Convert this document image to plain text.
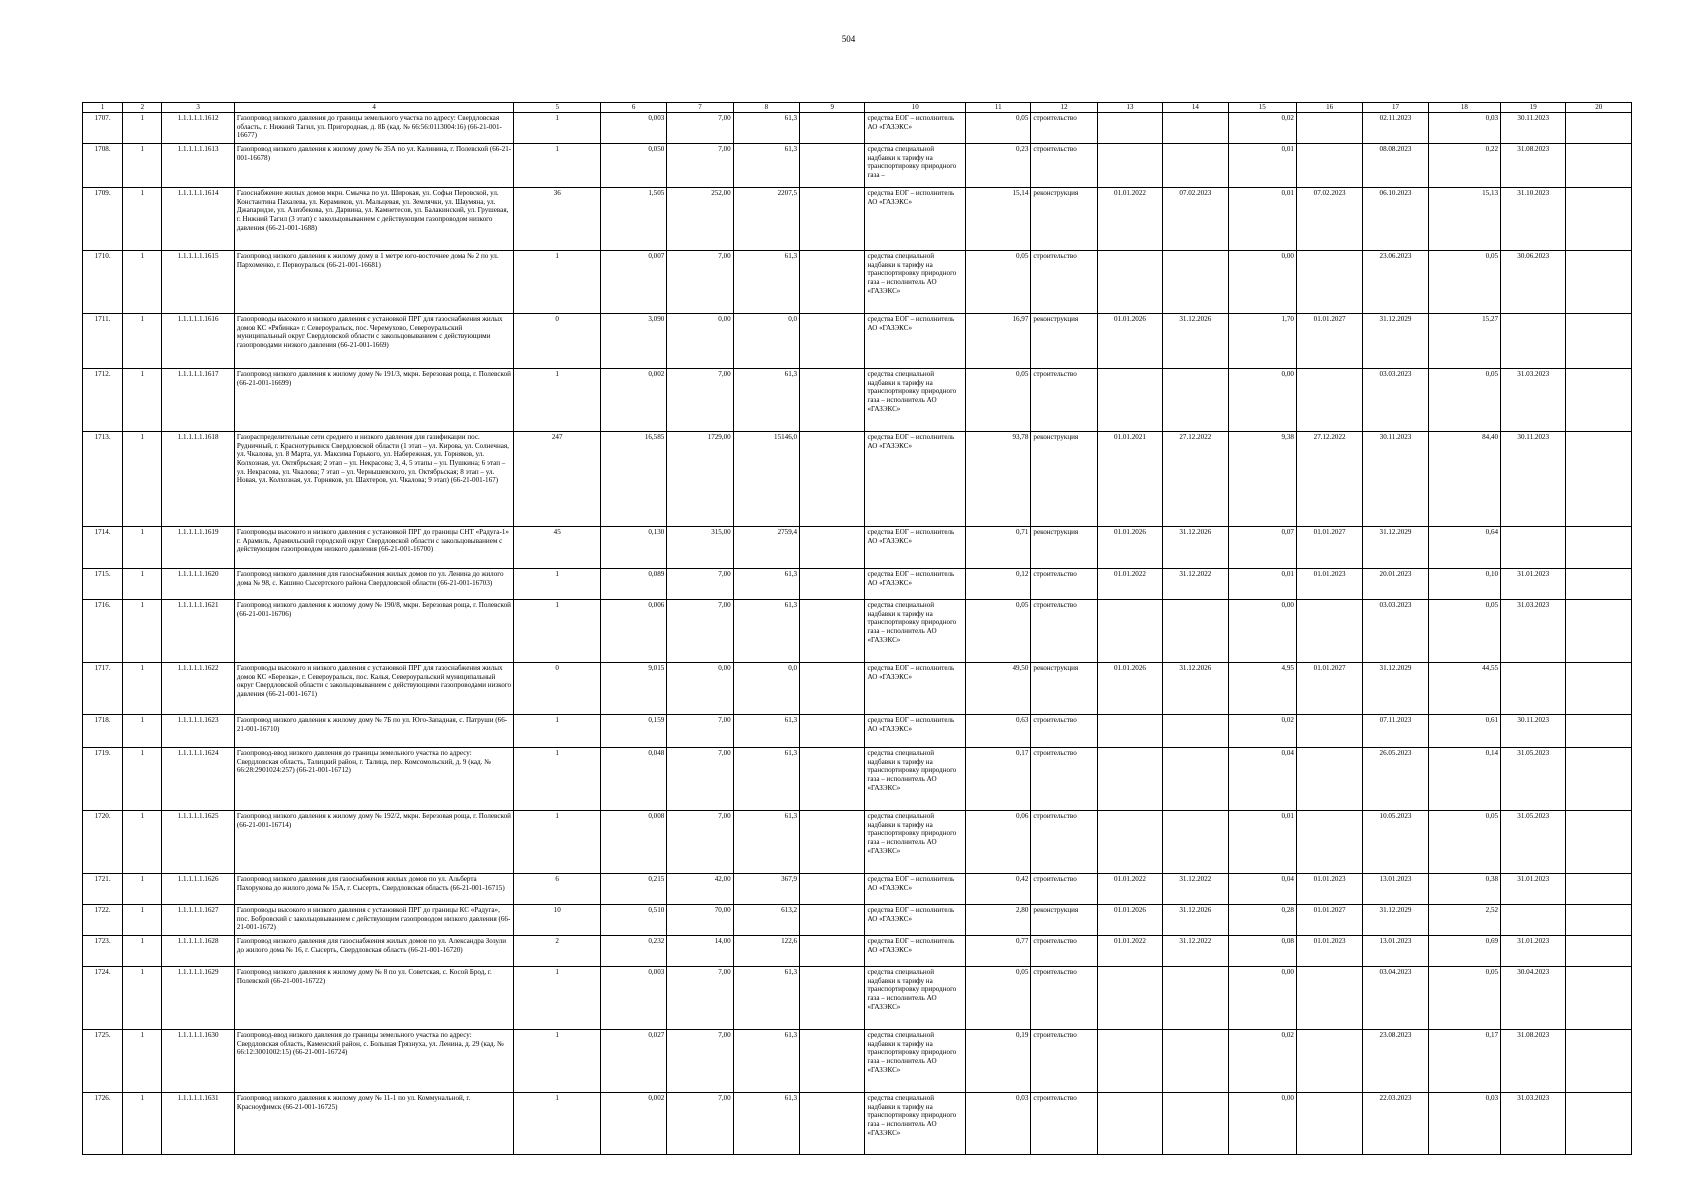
504
1	2	3	4	5	6	7	8	9	10	11	12	13	14	15	16	17	18	19	20
1707.	1	1.1.1.1.1.1612	Газопровод низкого давления до границы земельного участка по адресу: Свердловская область, г. Нижний Тагил, ул. Пригородная, д. 8Б (кад. № 66:56:0113004:16) (66-21-001-16677)	1	0,003	7,00	61,3		средства ЕОГ – исполнитель АО «ГАЗЭКС»	0,05	строительство			0,02		02.11.2023	0,03	30.11.2023	
1708.	1	1.1.1.1.1.1613	Газопровод низкого давления к жилому дому № 35А по ул. Калинина, г. Полевской (66-21-001-16678)	1	0,050	7,00	61,3		средства специальной надбавки к тарифу на транспортировку природного газа –	0,23	строительство			0,01		08.08.2023	0,22	31.08.2023	
1709.	1	1.1.1.1.1.1614	Газоснабжение жилых домов мкрн. Смычка по ул. Широкая, ул. Софьи Перовской, ул. Константина Пахалева, ул. Керамиков, ул. Мальцевая, ул. Землячки, ул. Шаумяна, ул. Джапаридзе, ул. Азизбекова, ул. Дарвина, ул. Камнетесов, ул. Балакинский, ул. Грушевая, г. Нижний Тагил (3 этап) с закольцовыванием с действующим газопроводом низкого давления (66-21-001-1688)	36	1,505	252,00	2207,5		средства ЕОГ – исполнитель АО «ГАЗЭКС»	15,14	реконструкция	01.01.2022	07.02.2023	0,01	07.02.2023	06.10.2023	15,13	31.10.2023	
1710.	1	1.1.1.1.1.1615	Газопровод низкого давления к жилому дому в 1 метре юго-восточнее дома № 2 по ул. Пархоменко, г. Первоуральск (66-21-001-16681)	1	0,007	7,00	61,3		средства специальной надбавки к тарифу на транспортировку природного газа – исполнитель АО «ГАЗЭКС»	0,05	строительство			0,00		23.06.2023	0,05	30.06.2023	
1711.	1	1.1.1.1.1.1616	Газопроводы высокого и низкого давления с установкой ПРГ для газоснабжения жилых домов КС «Рябинка» г. Североуральск, пос. Черемухово, Североуральский муниципальный округ Свердловской области с закольцовыванием с действующими газопроводами низкого давления (66-21-001-1669)	0	3,090	0,00	0,0		средства ЕОГ – исполнитель АО «ГАЗЭКС»	16,97	реконструкция	01.01.2026	31.12.2026	1,70	01.01.2027	31.12.2029	15,27		
1712.	1	1.1.1.1.1.1617	Газопровод низкого давления к жилому дому № 191/3, мкрн. Березовая роща, г. Полевской (66-21-001-16699)	1	0,002	7,00	61,3		средства специальной надбавки к тарифу на транспортировку природного газа – исполнитель АО «ГАЗЭКС»	0,05	строительство			0,00		03.03.2023	0,05	31.03.2023	
1713.	1	1.1.1.1.1.1618	Газораспределительные сети среднего и низкого давления для газификации пос. Рудничный, г. Краснотурьинск Свердловской области (1 этап – ул. Кирова, ул. Солнечная, ул. Чкалова, ул. 8 Марта, ул. Максима Горького, ул. Набережная, ул. Горняков, ул. Колхозная, ул. Октябрьская; 2 этап – ул. Некрасова; 3, 4, 5 этапы – ул. Пушкина; 6 этап – ул. Некрасова, ул. Чкалова; 7 этап – ул. Чернышевского, ул. Октябрьская; 8 этап – ул. Новая, ул. Колхозная, ул. Горняков, ул. Шахтеров, ул. Чкалова; 9 этап) (66-21-001-167)	247	16,585	1729,00	15146,0		средства ЕОГ – исполнитель АО «ГАЗЭКС»	93,78	реконструкция	01.01.2021	27.12.2022	9,38	27.12.2022	30.11.2023	84,40	30.11.2023	
1714.	1	1.1.1.1.1.1619	Газопроводы высокого и низкого давления с установкой ПРГ до границы СНТ «Радуга-1» г. Арамиль, Арамильский городской округ Свердловской области с закольцовыванием с действующим газопроводом низкого давления (66-21-001-16700)	45	0,130	315,00	2759,4		средства ЕОГ – исполнитель АО «ГАЗЭКС»	0,71	реконструкция	01.01.2026	31.12.2026	0,07	01.01.2027	31.12.2029	0,64		
1715.	1	1.1.1.1.1.1620	Газопровод низкого давления для газоснабжения жилых домов по ул. Ленина до жилого дома № 98, с. Кашино Сысертского района Свердловской области (66-21-001-16703)	1	0,089	7,00	61,3		средства ЕОГ – исполнитель АО «ГАЗЭКС»	0,12	строительство	01.01.2022	31.12.2022	0,01	01.01.2023	20.01.2023	0,10	31.01.2023	
1716.	1	1.1.1.1.1.1621	Газопровод низкого давления к жилому дому № 190/8, мкрн. Березовая роща, г. Полевской (66-21-001-16706)	1	0,006	7,00	61,3		средства специальной надбавки к тарифу на транспортировку природного газа – исполнитель АО «ГАЗЭКС»	0,05	строительство			0,00		03.03.2023	0,05	31.03.2023	
1717.	1	1.1.1.1.1.1622	Газопроводы высокого и низкого давления с установкой ПРГ для газоснабжения жилых домов КС «Березка», г. Североуральск, пос. Калья, Североуральский муниципальный округ Свердловской области с закольцовыванием с действующими газопроводами низкого давления (66-21-001-1671)	0	9,015	0,00	0,0		средства ЕОГ – исполнитель АО «ГАЗЭКС»	49,50	реконструкция	01.01.2026	31.12.2026	4,95	01.01.2027	31.12.2029	44,55		
1718.	1	1.1.1.1.1.1623	Газопровод низкого давления к жилому дому № 7Б по ул. Юго-Западная, с. Патруши (66-21-001-16710)	1	0,159	7,00	61,3		средства ЕОГ – исполнитель АО «ГАЗЭКС»	0,63	строительство			0,02		07.11.2023	0,61	30.11.2023	
1719.	1	1.1.1.1.1.1624	Газопровод-ввод низкого давления до границы земельного участка по адресу: Свердловская область, Талицкий район, г. Талица, пер. Комсомольский, д. 9 (кад. № 66:28:2901024:257) (66-21-001-16712)	1	0,048	7,00	61,3		средства специальной надбавки к тарифу на транспортировку природного газа – исполнитель АО «ГАЗЭКС»	0,17	строительство			0,04		26.05.2023	0,14	31.05.2023	
1720.	1	1.1.1.1.1.1625	Газопровод низкого давления к жилому дому № 192/2, мкрн. Березовая роща, г. Полевской (66-21-001-16714)	1	0,008	7,00	61,3		средства специальной надбавки к тарифу на транспортировку природного газа – исполнитель АО «ГАЗЭКС»	0,06	строительство			0,01		10.05.2023	0,05	31.05.2023	
1721.	1	1.1.1.1.1.1626	Газопровод низкого давления для газоснабжения жилых домов по ул. Альберта Пахорукова до жилого дома № 15А, г. Сысерть, Свердловская область (66-21-001-16715)	6	0,215	42,00	367,9		средства ЕОГ – исполнитель АО «ГАЗЭКС»	0,42	строительство	01.01.2022	31.12.2022	0,04	01.01.2023	13.01.2023	0,38	31.01.2023	
1722.	1	1.1.1.1.1.1627	Газопроводы высокого и низкого давления с установкой ПРГ до границы КС «Радуга», пос. Бобровский с закольцовыванием с действующим газопроводом низкого давления (66-21-001-1672)	10	0,510	70,00	613,2		средства ЕОГ – исполнитель АО «ГАЗЭКС»	2,80	реконструкция	01.01.2026	31.12.2026	0,28	01.01.2027	31.12.2029	2,52		
1723.	1	1.1.1.1.1.1628	Газопровод низкого давления для газоснабжения жилых домов по ул. Александра Зозули до жилого дома № 16, г. Сысерть, Свердловская область (66-21-001-16720)	2	0,232	14,00	122,6		средства ЕОГ – исполнитель АО «ГАЗЭКС»	0,77	строительство	01.01.2022	31.12.2022	0,08	01.01.2023	13.01.2023	0,69	31.01.2023	
1724.	1	1.1.1.1.1.1629	Газопровод низкого давления к жилому дому № 8 по ул. Советская, с. Косой Брод, г. Полевской (66-21-001-16722)	1	0,003	7,00	61,3		средства специальной надбавки к тарифу на транспортировку природного газа – исполнитель АО «ГАЗЭКС»	0,05	строительство			0,00		03.04.2023	0,05	30.04.2023	
1725.	1	1.1.1.1.1.1630	Газопровод-ввод низкого давления до границы земельного участка по адресу: Свердловская область, Каменский район, с. Большая Грязнуха, ул. Ленина, д. 29 (кад. № 66:12:3001002:15) (66-21-001-16724)	1	0,027	7,00	61,3		средства специальной надбавки к тарифу на транспортировку природного газа – исполнитель АО «ГАЗЭКС»	0,19	строительство			0,02		23.08.2023	0,17	31.08.2023	
1726.	1	1.1.1.1.1.1631	Газопровод низкого давления к жилому дому № 11-1 по ул. Коммунальной, г. Красноуфимск (66-21-001-16725)	1	0,002	7,00	61,3		средства специальной надбавки к тарифу на транспортировку природного газа – исполнитель АО «ГАЗЭКС»	0,03	строительство			0,00		22.03.2023	0,03	31.03.2023	
